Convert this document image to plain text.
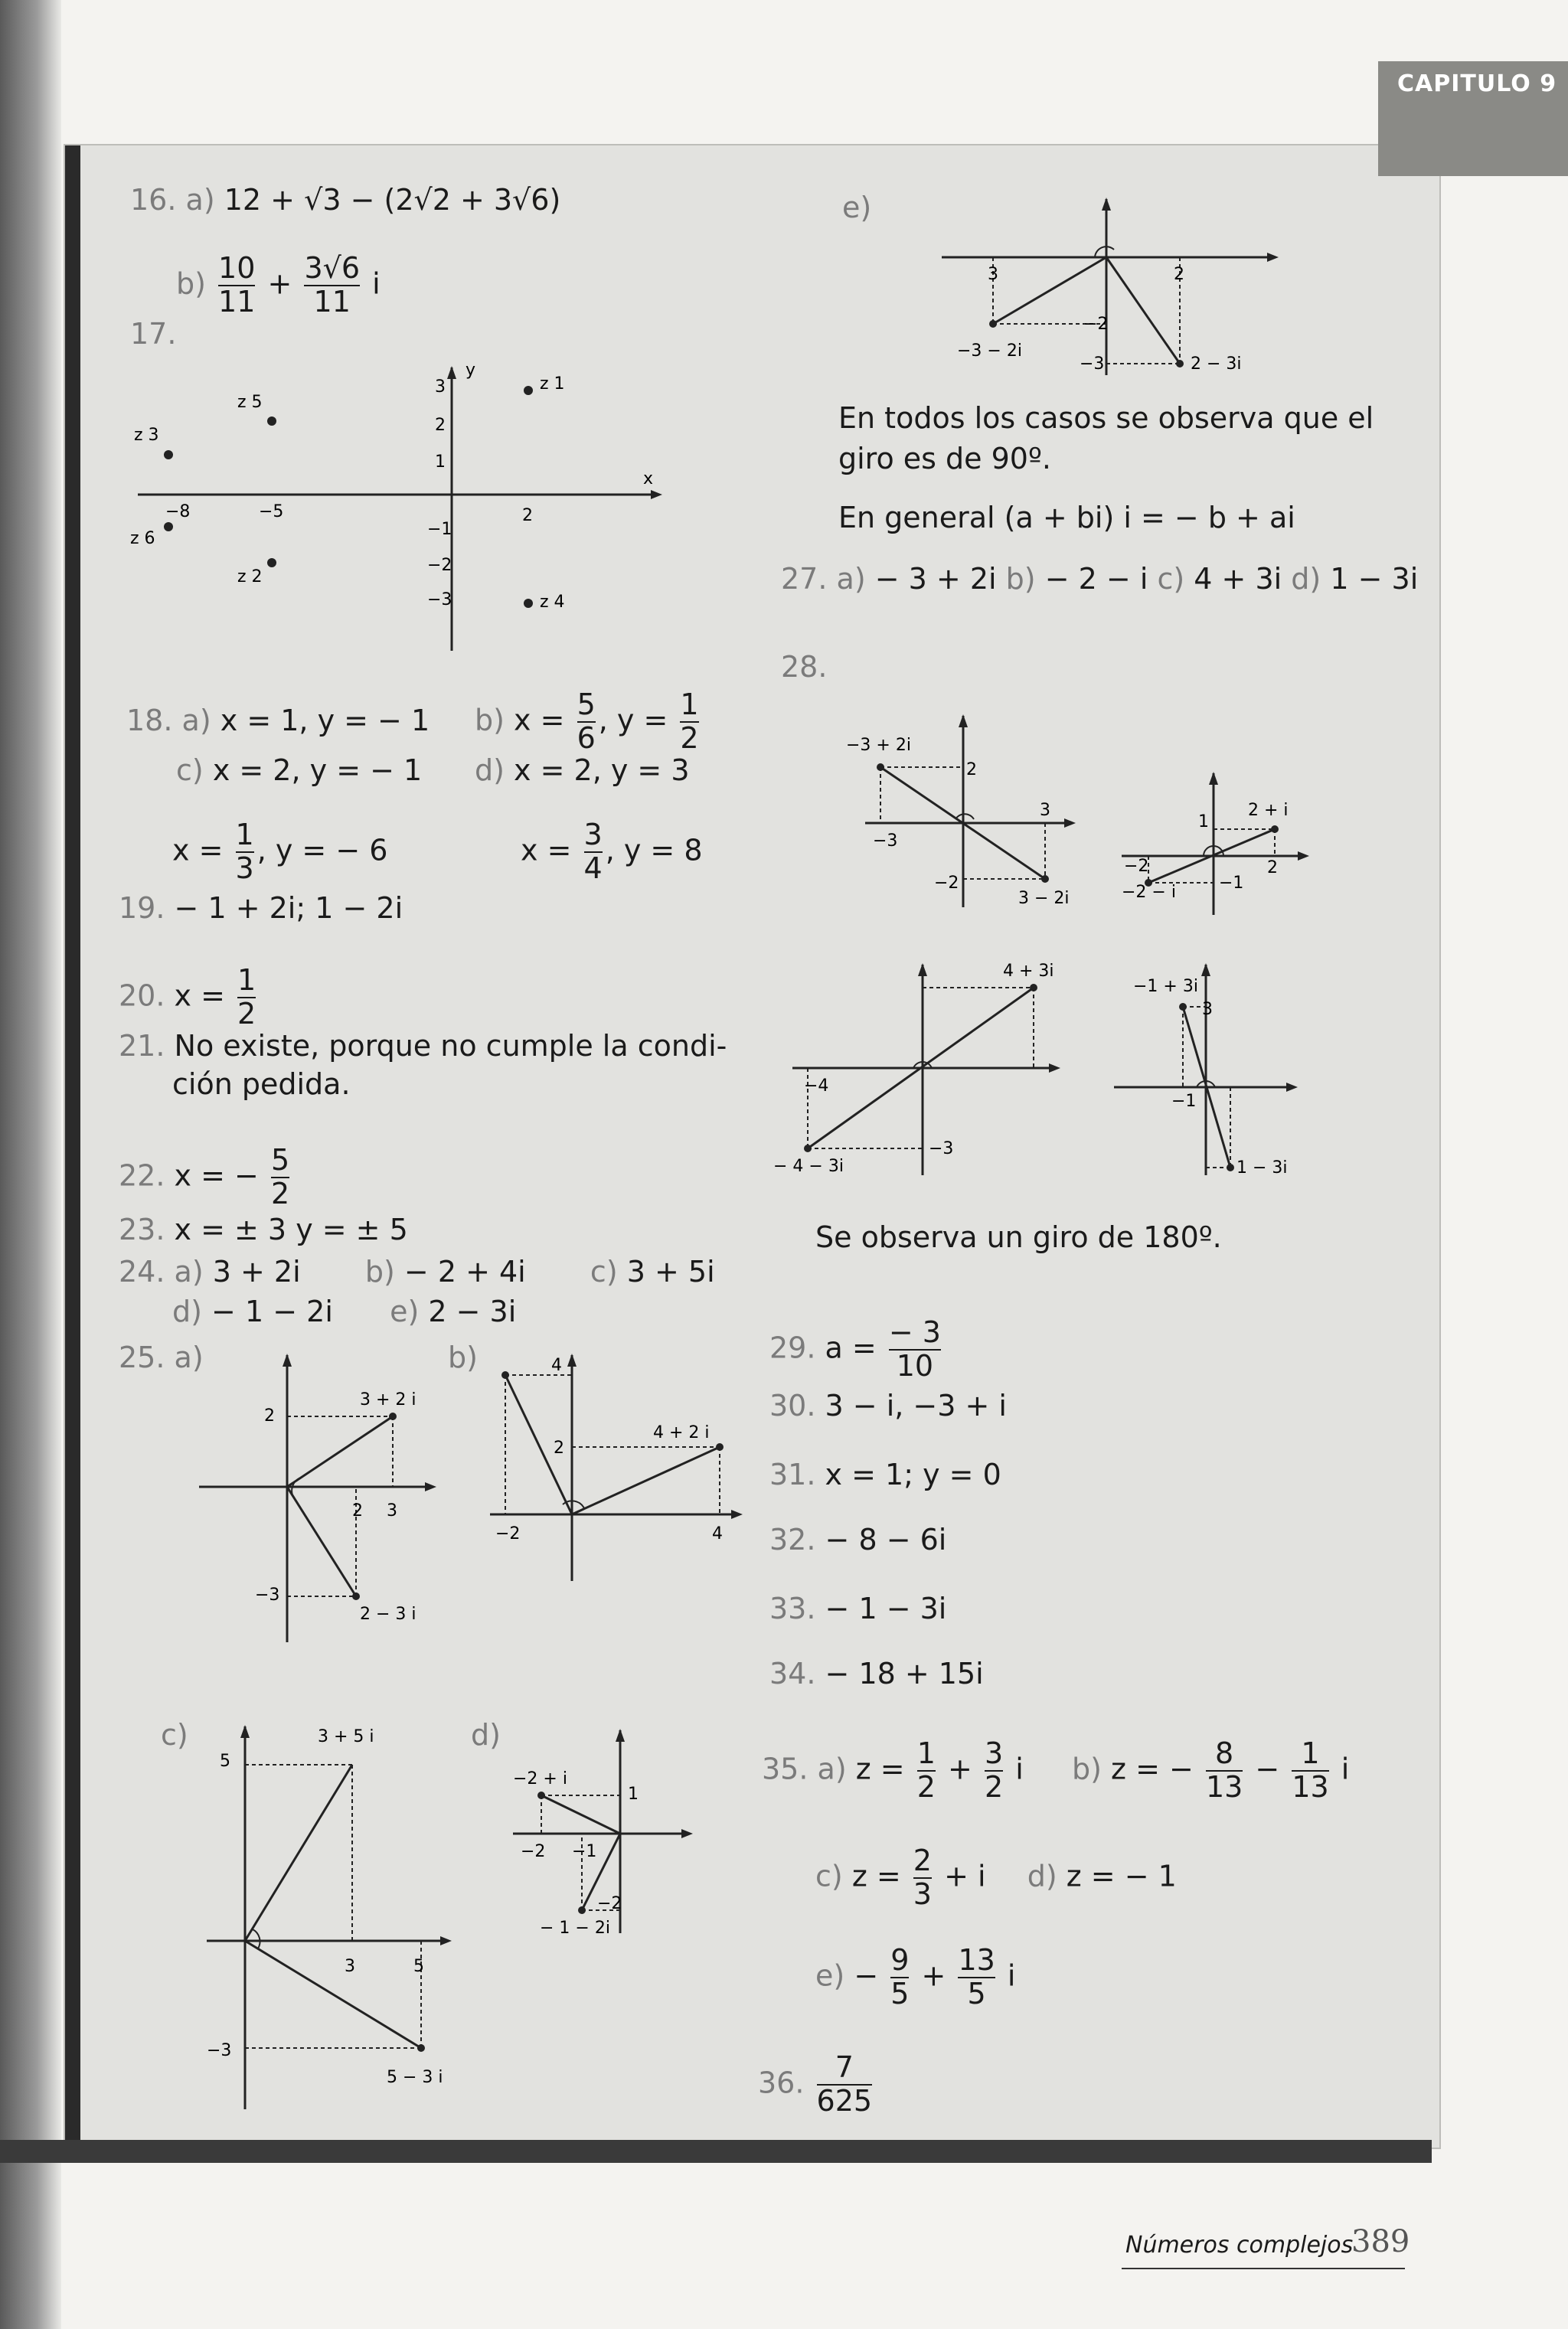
CAPITULO 9
16. a) 12 + √3 − (2√2 + 3√6)
$b) \frac{10}{11} + \frac{3√6}{11}$ i
17.
x
y
3
2
1
−1
−2
−3
−8	−5	2
z 1
z 2
z 3
z 4
z 5
z 6
18. a) x = 1, y = − 1 b) $x = \frac{5}{6}$ , $y = \frac{1}{2}$
c) x = 2, y = − 1 d) x = 2, y = 3
$x = \frac{1}{3}$ , y = − 6	$x = \frac{3}{4}$ , y = 8
19. − 1 + 2i; 1 − 2i
20. $x = \frac{1}{2}$
21. No existe, porque no cumple la condi-
ción pedida.
22. x = − $\frac{5}{2}$
23. x = ± 3 y = ± 5
24. a) 3 + 2i b) − 2 + 4i c) 3 + 5i
d) − 1 − 2i e) 2 − 3i
25. a)	b)
3 + 2 i
2 − 3 i
2
−3
2 3
4 + 2 i
4
2
−2	4
c)	d)
3 + 5 i
5 − 3 i
5
−3
3	5
−2 + i
− 1 − 2i
1
−2 −1
−2
e)
−3 − 2i
2 − 3i
3	2
−2
−3
En todos los casos se observa que el
giro es de 90º.
En general (a + bi) i = − b + ai
27. a) − 3 + 2i b) − 2 − i c) 4 + 3i d) 1 − 3i
28.
−3 + 2i
3 − 2i
2
3
−3
−2
2 + i
−2 − i
1
−2	2
−1
4 + 3i
− 4 − 3i
−4
−3
−1 + 3i
1 − 3i
3
−1
Se observa un giro de 180º.
29. $a = \frac{- 3}{10}$
30. 3 − i, −3 + i
31. x = 1; y = 0
32. − 8 − 6i
33. − 1 − 3i
34. − 18 + 15i
35. a) $z = \frac{1}{2} + \frac{3}{2}$ i b) z = − $\frac{8}{13} - \frac{1}{13}$ i
c) $z = \frac{2}{3} + i$ d) z = − 1
$e) - \frac{9}{5} + \frac{13}{5}$ i
36. $\frac{7}{625}$
Números complejos
389
